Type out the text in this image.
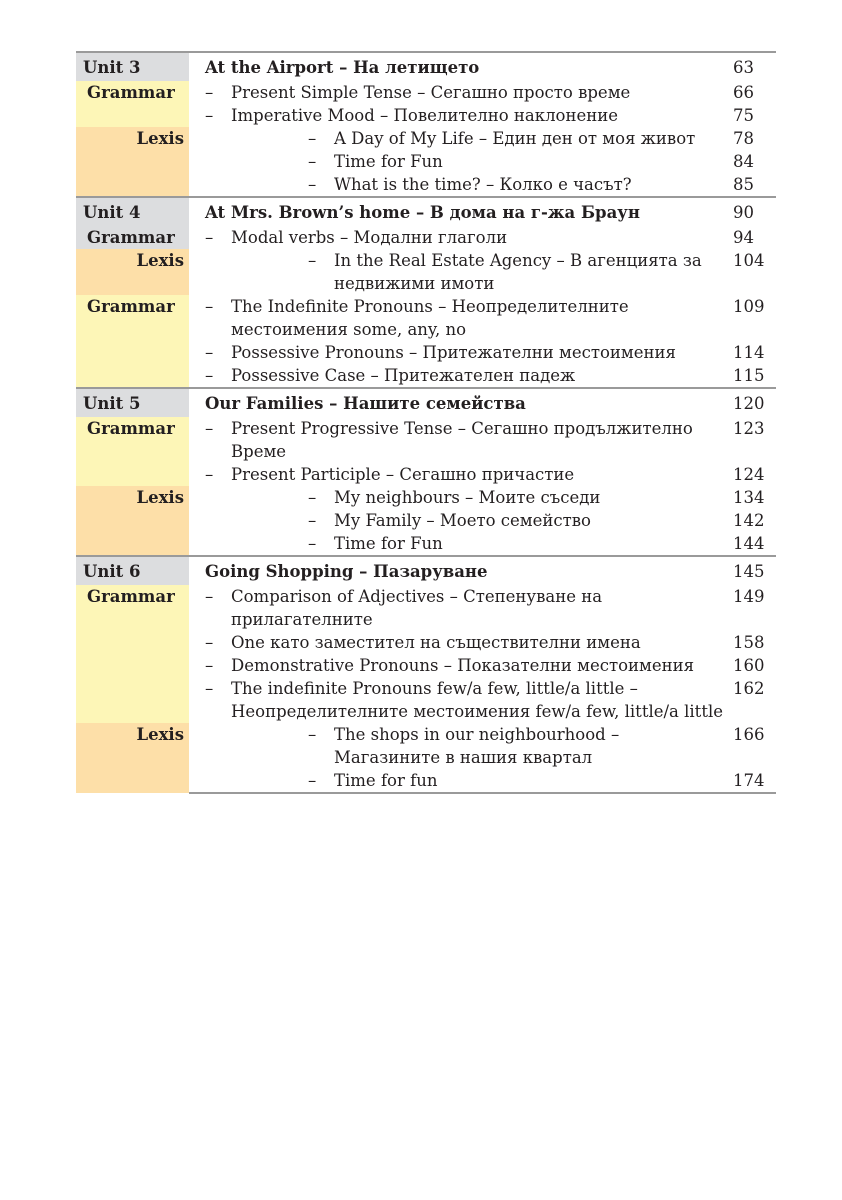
Unit 3	At the Airport – На летището	63
Grammar	– Present Simple Tense – Сегашно просто време	66

	– Imperative Mood – Повелително наклонение	75
Lexis	– A Day of My Life – Един ден от моя живот	78

	– Time for Fun	84

	– What is the time? – Колко е часът?	85
Unit 4	At Mrs. Brown’s home – В дома на г-жа Браун	90
Grammar	– Modal verbs – Модални глаголи	94
Lexis	– In the Real Estate Agency – В агенцията за недвижими имоти	104
Grammar	– The Indefinite Pronouns – Неопределителните местоимения some, any, no	109

	– Possessive Pronouns – Притежателни местоимения	114

	– Possessive Case – Притежателен падеж	115
Unit 5	Our Families – Нашите семейства	120
Grammar	– Present Progressive Tense – Сегашно продължително Време	123

	– Present Participle – Сегашно причастие	124
Lexis	– My neighbours – Моите съседи	134

	– My Family – Моето семейство	142

	– Time for Fun	144
Unit 6	Going Shopping – Пазаруване	145
Grammar	– Comparison of Adjectives – Степенуване на прилагателните	149

	– One като заместител на съществителни имена	158

	– Demonstrative Pronouns – Показателни местоимения	160

	– The indefinite Pronouns few/a few, little/a little – Неопределителните местоимения few/a few, little/a little	162
Lexis	– The shops in our neighbourhood – Магазините в нашия квартал	166

	– Time for fun	174
